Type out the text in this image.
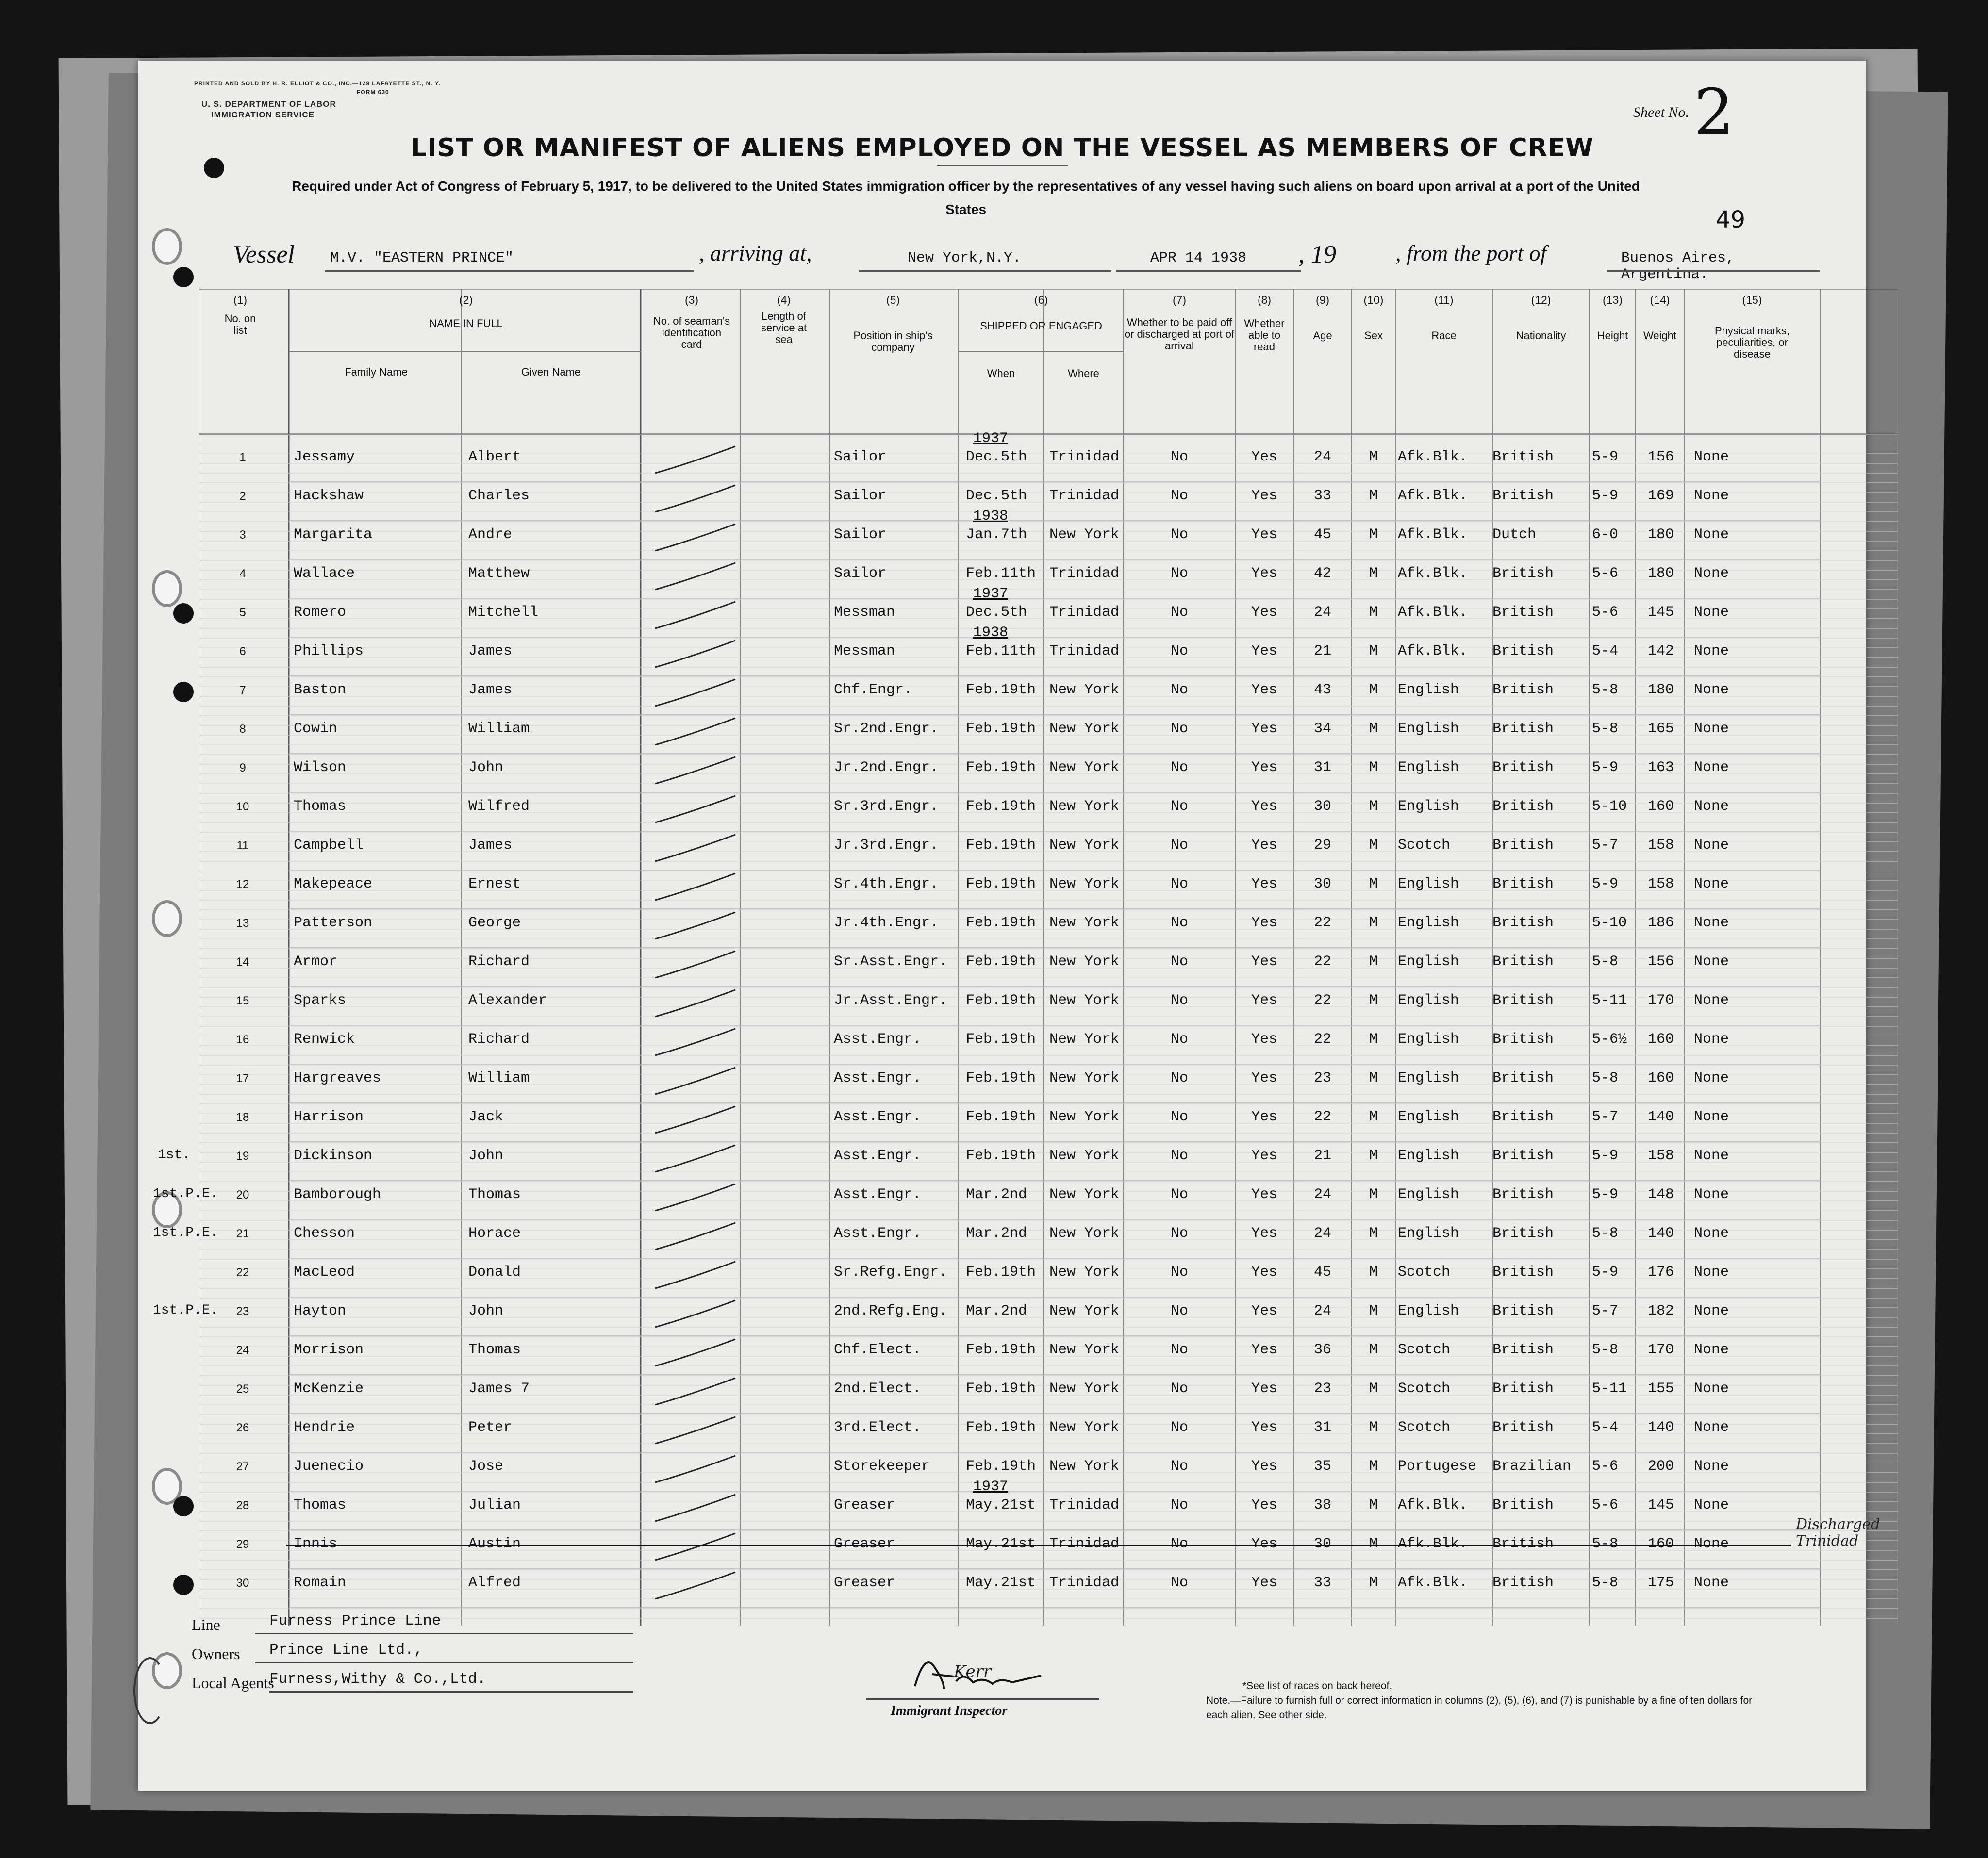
PRINTED AND SOLD BY H. R. ELLIOT & CO., INC.—129 LAFAYETTE ST., N. Y.
FORM 630
U. S. DEPARTMENT OF LABOR
IMMIGRATION SERVICE	Sheet No. 2
49
LIST OR MANIFEST OF ALIENS EMPLOYED ON THE VESSEL AS MEMBERS OF CREW
Required under Act of Congress of February 5, 1917, to be delivered to the United States immigration officer by the representatives of any vessel having such aliens on board upon arrival at a port of the United States
Vessel M.V. "EASTERN PRINCE"	, arriving at,	New York,N.Y.	APR 14 1938 , 19	, from the port of	Buenos Aires, Argentina.
(1)
No. on list
(2)
NAME IN FULL
Family Name	Given Name
(3)
No. of seaman's identification card
(4)
Length of service at sea
(5)
Position in ship's company
(6)
SHIPPED OR ENGAGED
When	Where
(7)
Whether to be paid off or discharged at port of arrival
(8)
Whether able to read
(9)
Age
(10)
Sex
(11)
Race
(12)
Nationality
(13)
Height
(14)
Weight
(15)
Physical marks, peculiarities, or disease
1	Jessamy	Albert	Sailor	Dec.5th	Trinidad	No	Yes	24	M	Afk.Blk.	British	5-9	156	None
2	Hackshaw	Charles	Sailor	Dec.5th	Trinidad	No	Yes	33	M	Afk.Blk.	British	5-9	169	None
3	Margarita	Andre	Sailor	Jan.7th	New York	No	Yes	45	M	Afk.Blk.	Dutch	6-0	180	None
4	Wallace	Matthew	Sailor	Feb.11th Trinidad	No	Yes	42	M	Afk.Blk.	British	5-6	180	None
5	Romero	Mitchell	Messman	Dec.5th	Trinidad	No	Yes	24	M	Afk.Blk.	British	5-6	145	None
6	Phillips	James	Messman	Feb.11th Trinidad	No	Yes	21	M	Afk.Blk.	British	5-4	142	None
7	Baston	James	Chf.Engr.	Feb.19th New York	No	Yes	43	M	English	British	5-8	180	None
8	Cowin	William	Sr.2nd.Engr.	Feb.19th New York	No	Yes	34	M	English	British	5-8	165	None
9	Wilson	John	Jr.2nd.Engr.	Feb.19th New York	No	Yes	31	M	English	British	5-9	163	None
10	Thomas	Wilfred	Sr.3rd.Engr.	Feb.19th New York	No	Yes	30	M	English	British	5-10	160	None
11	Campbell	James	Jr.3rd.Engr.	Feb.19th New York	No	Yes	29	M	Scotch	British	5-7	158	None
12	Makepeace	Ernest	Sr.4th.Engr.	Feb.19th New York	No	Yes	30	M	English	British	5-9	158	None
13	Patterson	George	Jr.4th.Engr.	Feb.19th New York	No	Yes	22	M	English	British	5-10	186	None
14	Armor	Richard	Sr.Asst.Engr.	Feb.19th New York	No	Yes	22	M	English	British	5-8	156	None
15	Sparks	Alexander	Jr.Asst.Engr.	Feb.19th New York	No	Yes	22	M	English	British	5-11	170	None
16	Renwick	Richard	Asst.Engr.	Feb.19th New York	No	Yes	22	M	English	British	5-6½	160	None
17	Hargreaves	William	Asst.Engr.	Feb.19th New York	No	Yes	23	M	English	British	5-8	160	None
18	Harrison	Jack	Asst.Engr.	Feb.19th New York	No	Yes	22	M	English	British	5-7	140	None
19	Dickinson	John	Asst.Engr.	Feb.19th New York	No	Yes	21	M	English	British	5-9	158	None
20	Bamborough	Thomas	Asst.Engr.	Mar.2nd	New York	No	Yes	24	M	English	British	5-9	148	None
21	Chesson	Horace	Asst.Engr.	Mar.2nd	New York	No	Yes	24	M	English	British	5-8	140	None
22	MacLeod	Donald	Sr.Refg.Engr.	Feb.19th New York	No	Yes	45	M	Scotch	British	5-9	176	None
23	Hayton	John	2nd.Refg.Eng.	Mar.2nd	New York	No	Yes	24	M	English	British	5-7	182	None
24	Morrison	Thomas	Chf.Elect.	Feb.19th New York	No	Yes	36	M	Scotch	British	5-8	170	None
25	McKenzie	James 7	2nd.Elect.	Feb.19th New York	No	Yes	23	M	Scotch	British	5-11	155	None
26	Hendrie	Peter	3rd.Elect.	Feb.19th New York	No	Yes	31	M	Scotch	British	5-4	140	None
27	Juenecio	Jose	Storekeeper	Feb.19th New York	No	Yes	35	M	Portugese	Brazilian	5-6	200	None
28	Thomas	Julian	Greaser	May.21st Trinidad	No	Yes	38	M	Afk.Blk.	British	5-6	145	None
29	Innis	Austin	Greaser	May.21st Trinidad	No	Yes	30	M	Afk.Blk.	British	5-8	160	None
30	Romain	Alfred	Greaser	May.21st Trinidad	No	Yes	33	M	Afk.Blk.	British	5-8	175	None
1937
1938
1937
1938
1937
1st.
1st.P.E.
1st.P.E.
1st.P.E.
Discharged Trinidad
Line	Furness Prince Line
Owners Prince Line Ltd.,
Local Agents
Furness,Withy & Co.,Ltd.	Kerr
Immigrant Inspector
*See list of races on back hereof.
Note.—Failure to furnish full or correct information in columns (2), (5), (6), and (7) is punishable by a fine of ten dollars for each alien. See other side.
